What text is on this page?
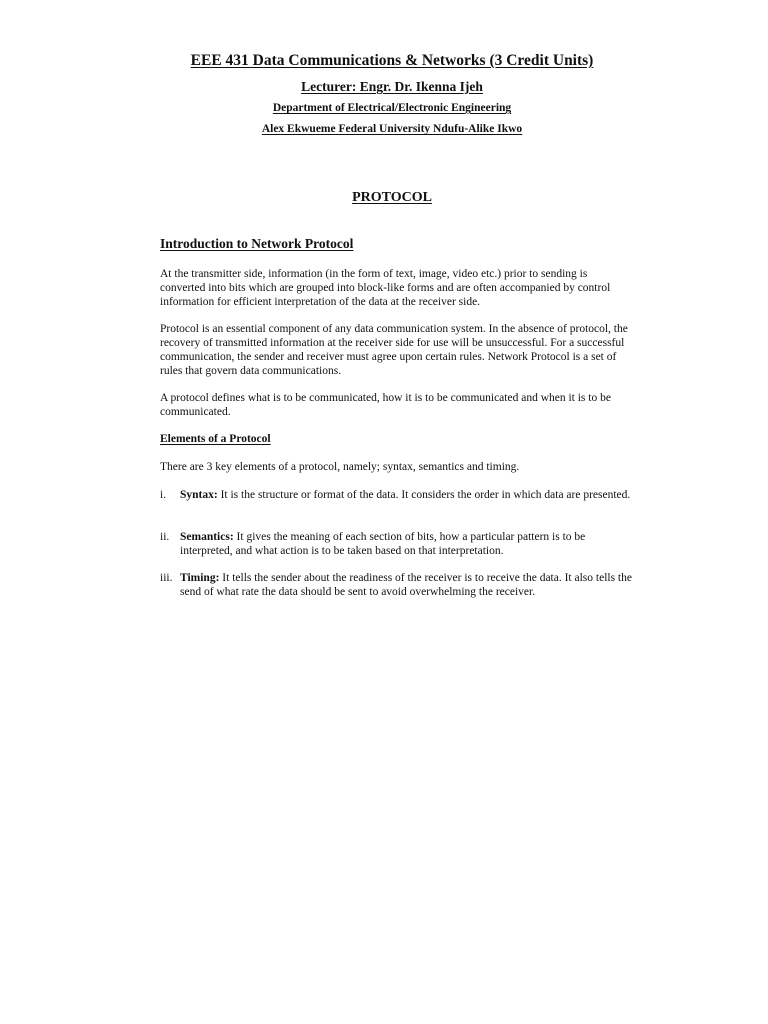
EEE 431 Data Communications & Networks (3 Credit Units)
Lecturer: Engr. Dr. Ikenna Ijeh
Department of Electrical/Electronic Engineering
Alex Ekwueme Federal University Ndufu-Alike Ikwo
PROTOCOL
Introduction to Network Protocol
At the transmitter side, information (in the form of text, image, video etc.) prior to sending is converted into bits which are grouped into block-like forms and are often accompanied by control information for efficient interpretation of the data at the receiver side.
Protocol is an essential component of any data communication system. In the absence of protocol, the recovery of transmitted information at the receiver side for use will be unsuccessful. For a successful communication, the sender and receiver must agree upon certain rules. Network Protocol is a set of rules that govern data communications.
A protocol defines what is to be communicated, how it is to be communicated and when it is to be communicated.
Elements of a Protocol
There are 3 key elements of a protocol, namely; syntax, semantics and timing.
i.	Syntax: It is the structure or format of the data. It considers the order in which data are presented.
ii. Semantics: It gives the meaning of each section of bits, how a particular pattern is to be interpreted, and what action is to be taken based on that interpretation.
iii. Timing: It tells the sender about the readiness of the receiver is to receive the data. It also tells the send of what rate the data should be sent to avoid overwhelming the receiver.
